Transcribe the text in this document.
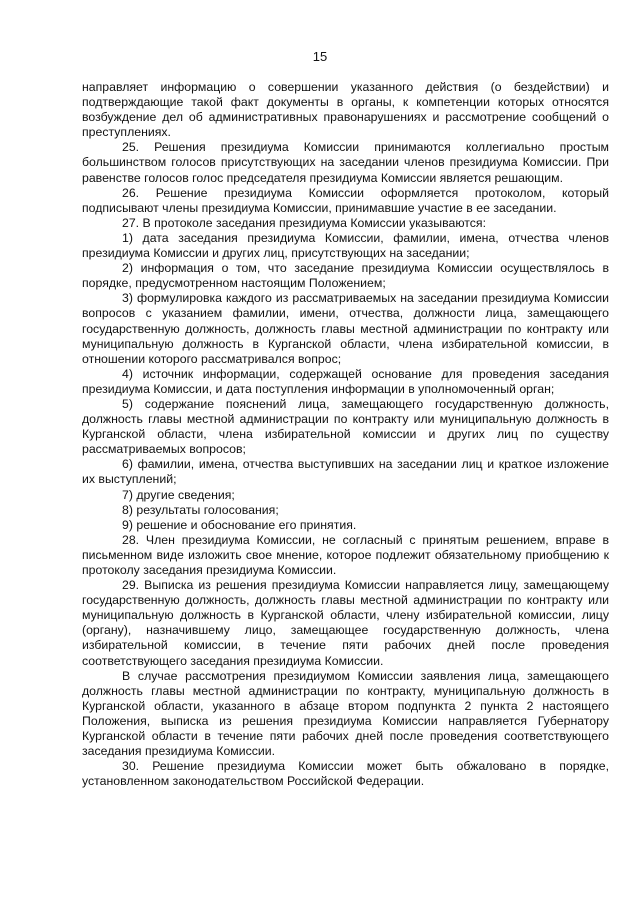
15

направляет информацию о совершении указанного действия (о бездействии) и подтверждающие такой факт документы в органы, к компетенции которых относятся возбуждение дел об административных правонарушениях и рассмотрение сообщений о преступлениях.

25. Решения президиума Комиссии принимаются коллегиально простым большинством голосов присутствующих на заседании членов президиума Комиссии. При равенстве голосов голос председателя президиума Комиссии является решающим.

26. Решение президиума Комиссии оформляется протоколом, который подписывают члены президиума Комиссии, принимавшие участие в ее заседании.

27. В протоколе заседания президиума Комиссии указываются:

1) дата заседания президиума Комиссии, фамилии, имена, отчества членов президиума Комиссии и других лиц, присутствующих на заседании;

2) информация о том, что заседание президиума Комиссии осуществлялось в порядке, предусмотренном настоящим Положением;

3) формулировка каждого из рассматриваемых на заседании президиума Комиссии вопросов с указанием фамилии, имени, отчества, должности лица, замещающего государственную должность, должность главы местной администрации по контракту или муниципальную должность в Курганской области, члена избирательной комиссии, в отношении которого рассматривался вопрос;

4) источник информации, содержащей основание для проведения заседания президиума Комиссии, и дата поступления информации в уполномоченный орган;

5) содержание пояснений лица, замещающего государственную должность, должность главы местной администрации по контракту или муниципальную должность в Курганской области, члена избирательной комиссии и других лиц по существу рассматриваемых вопросов;

6) фамилии, имена, отчества выступивших на заседании лиц и краткое изложение их выступлений;

7) другие сведения;

8) результаты голосования;

9) решение и обоснование его принятия.

28. Член президиума Комиссии, не согласный с принятым решением, вправе в письменном виде изложить свое мнение, которое подлежит обязательному приобщению к протоколу заседания президиума Комиссии.

29. Выписка из решения президиума Комиссии направляется лицу, замещающему государственную должность, должность главы местной администрации по контракту или муниципальную должность в Курганской области, члену избирательной комиссии, лицу (органу), назначившему лицо, замещающее государственную должность, члена избирательной комиссии, в течение пяти рабочих дней после проведения соответствующего заседания президиума Комиссии.

В случае рассмотрения президиумом Комиссии заявления лица, замещающего должность главы местной администрации по контракту, муниципальную должность в Курганской области, указанного в абзаце втором подпункта 2 пункта 2 настоящего Положения, выписка из решения президиума Комиссии направляется Губернатору Курганской области в течение пяти рабочих дней после проведения соответствующего заседания президиума Комиссии.

30. Решение президиума Комиссии может быть обжаловано в порядке, установленном законодательством Российской Федерации.
